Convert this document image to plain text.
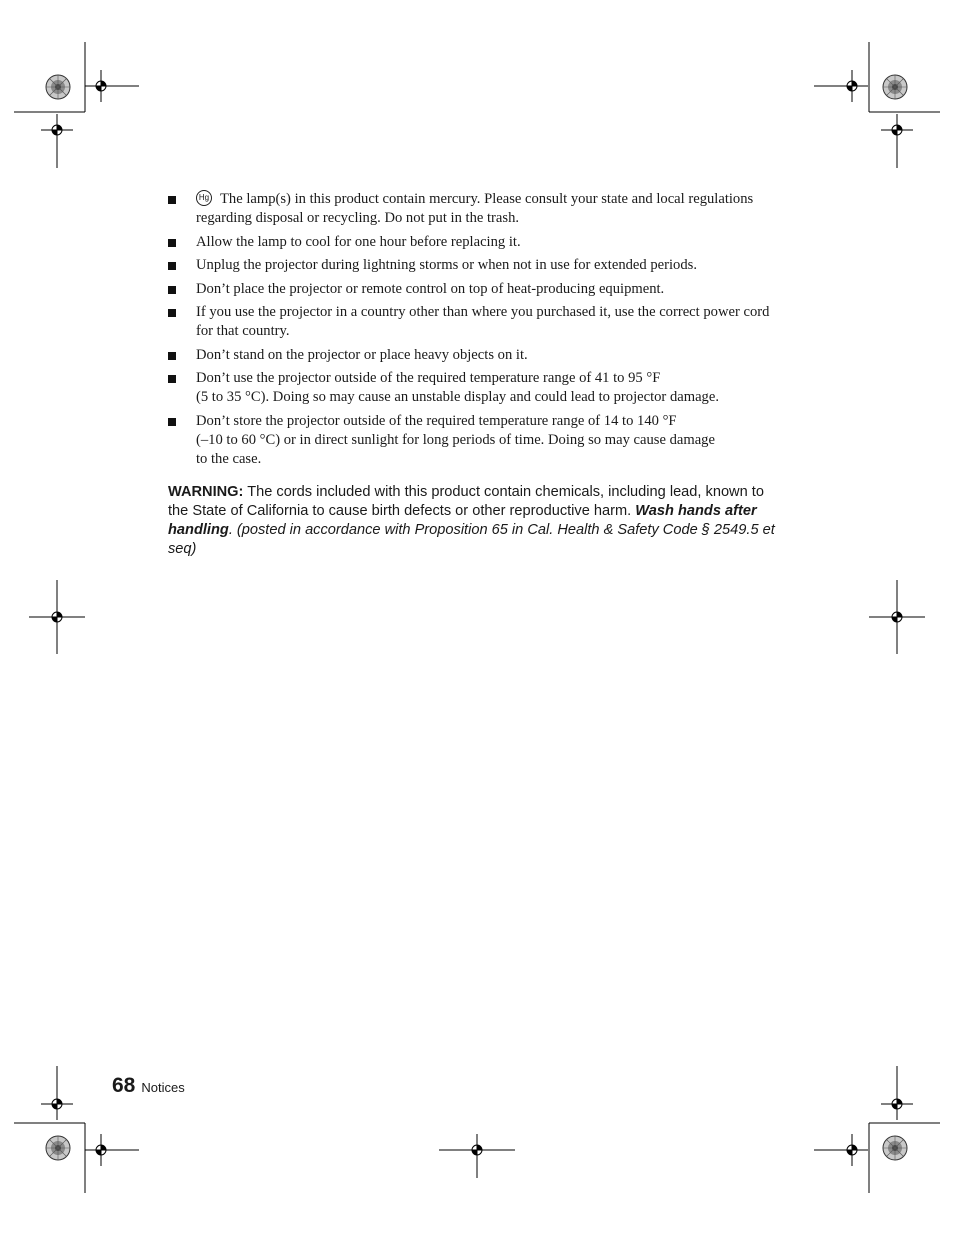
Hg The lamp(s) in this product contain mercury. Please consult your state and local regulations regarding disposal or recycling. Do not put in the trash.
Allow the lamp to cool for one hour before replacing it.
Unplug the projector during lightning storms or when not in use for extended periods.
Don’t place the projector or remote control on top of heat-producing equipment.
If you use the projector in a country other than where you purchased it, use the correct power cord for that country.
Don’t stand on the projector or place heavy objects on it.
Don’t use the projector outside of the required temperature range of 41 to 95 °F
(5 to 35 °C). Doing so may cause an unstable display and could lead to projector damage.
Don’t store the projector outside of the required temperature range of 14 to 140 °F
(–10 to 60 °C) or in direct sunlight for long periods of time. Doing so may cause damage
to the case.

WARNING: The cords included with this product contain chemicals, including lead, known to the State of California to cause birth defects or other reproductive harm. Wash hands after handling. (posted in accordance with Proposition 65 in Cal. Health & Safety Code § 2549.5 et seq)

68 Notices
